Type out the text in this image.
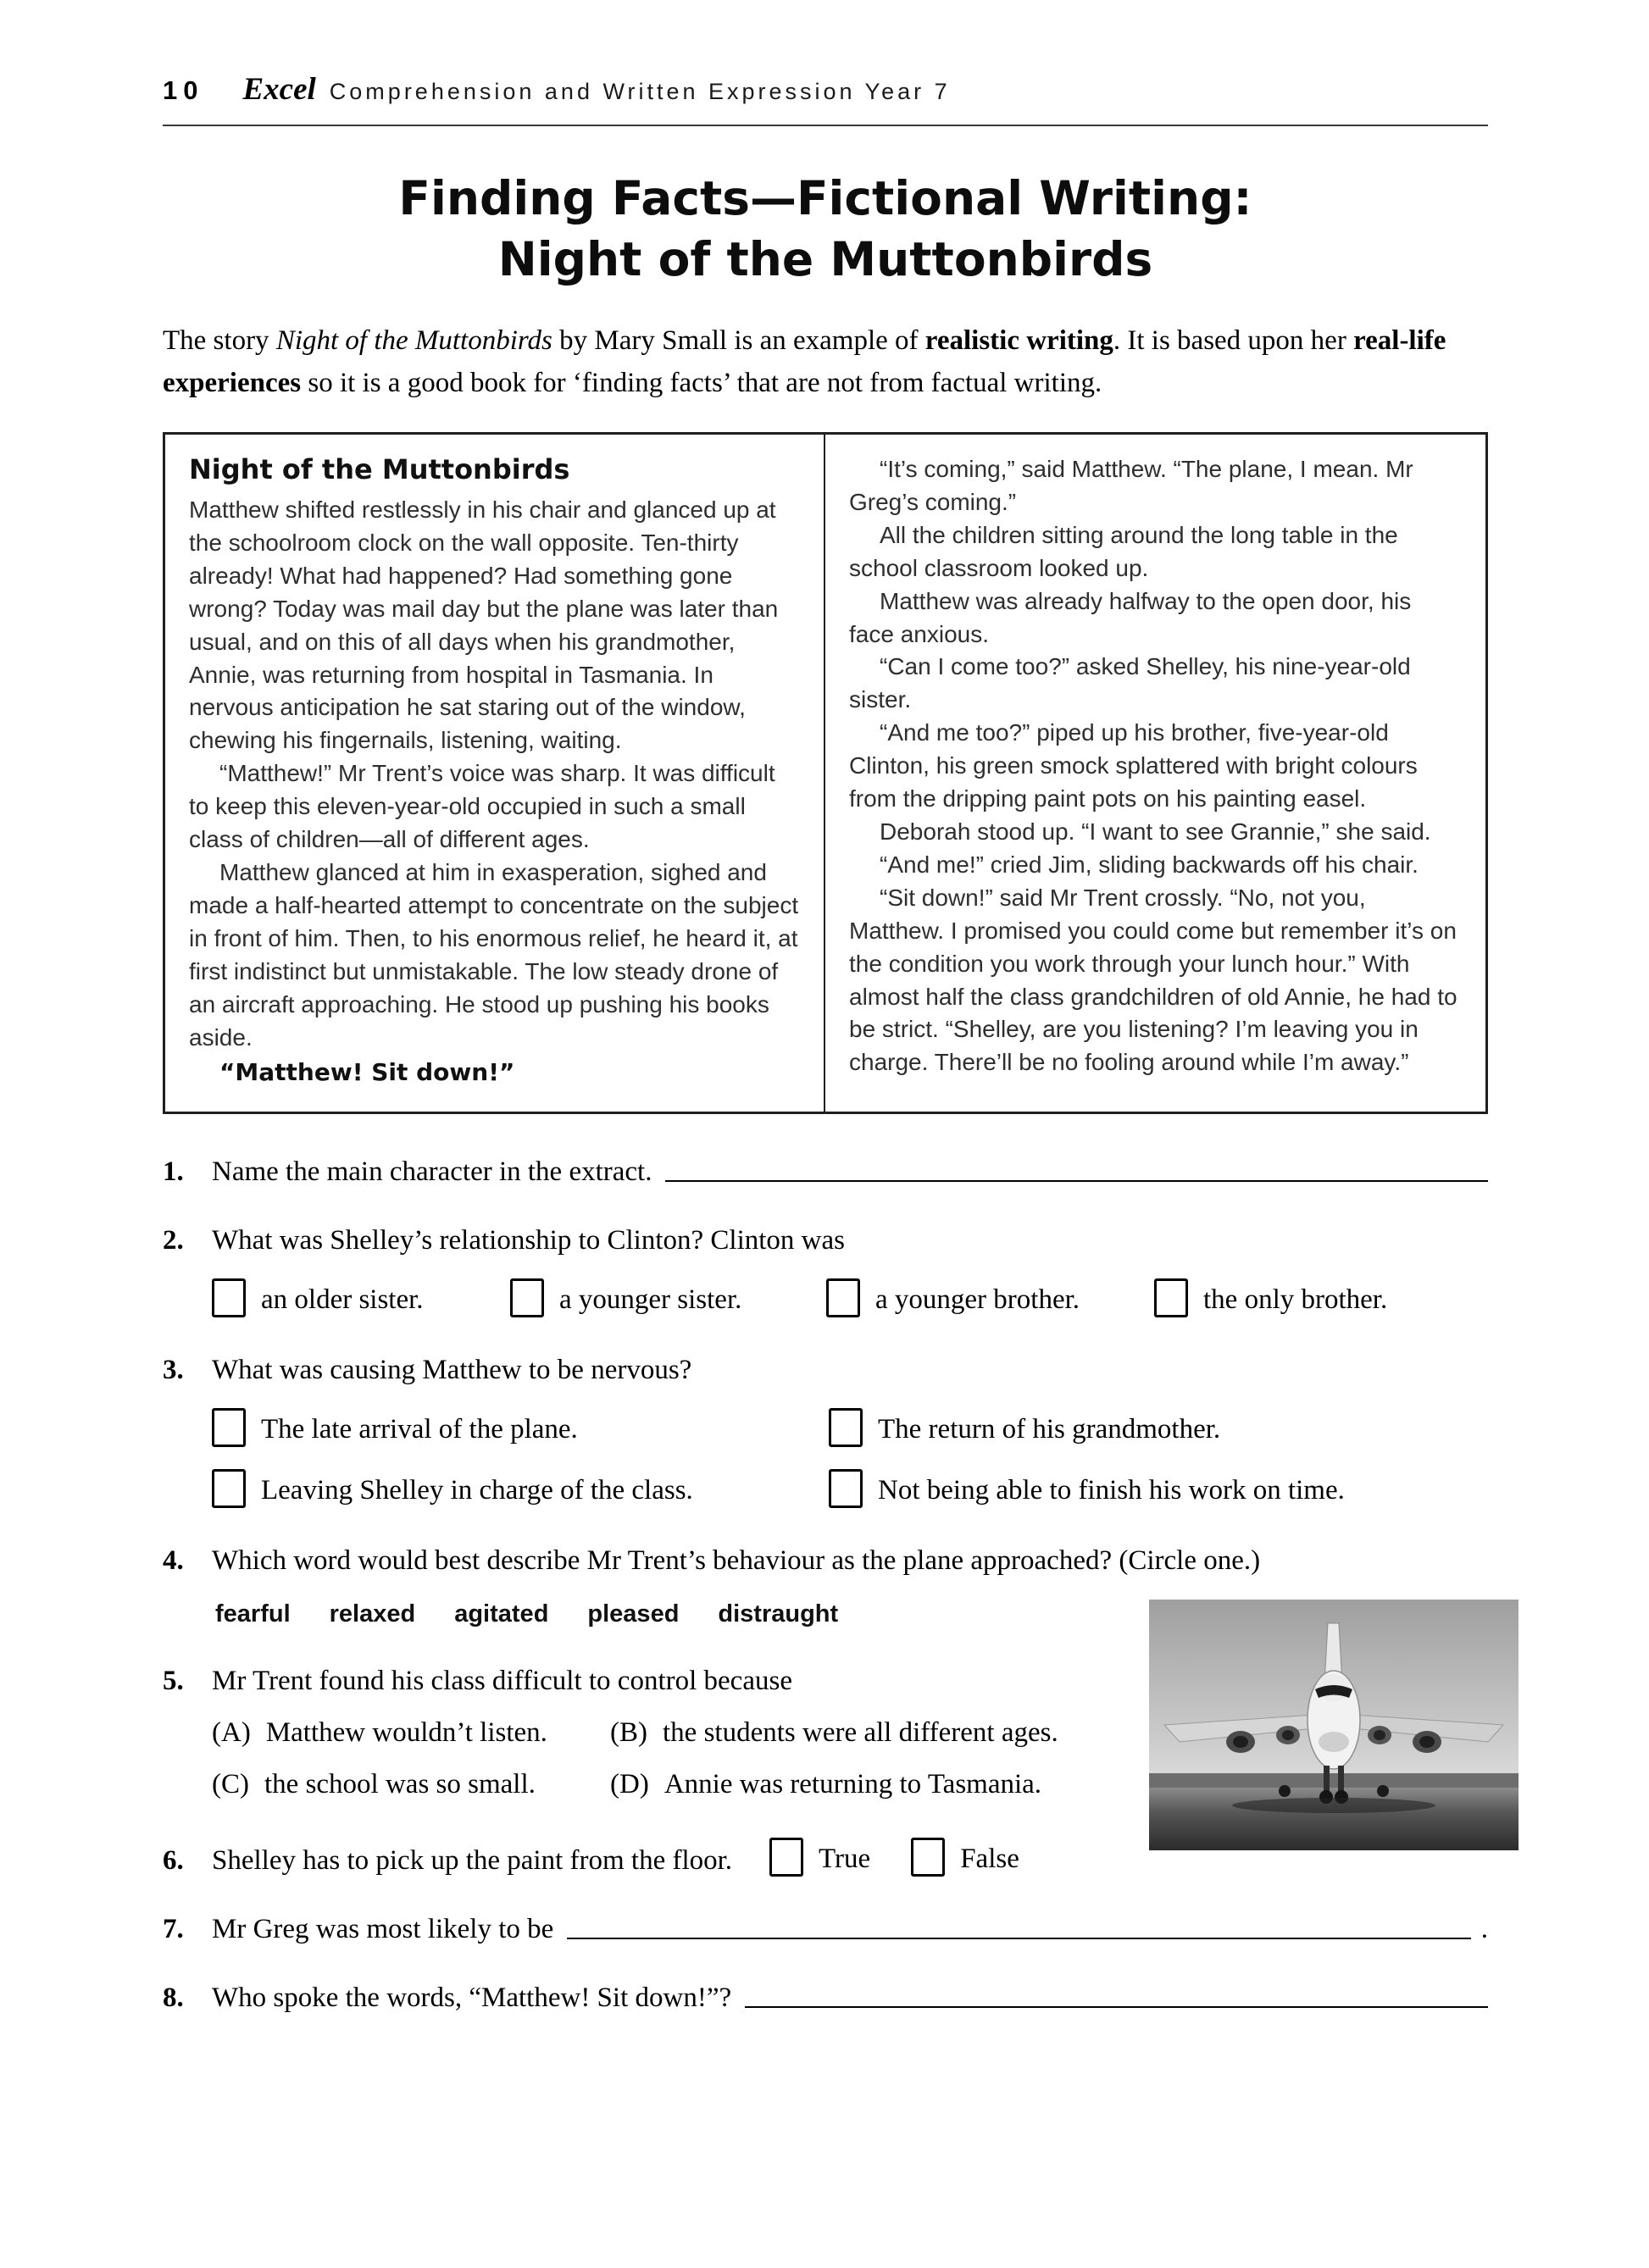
10 Excel Comprehension and Written Expression Year 7
Finding Facts—Fictional Writing:
Night of the Muttonbirds

The story Night of the Muttonbirds by Mary Small is an example of realistic writing. It is based upon her real-life experiences so it is a good book for ‘finding facts’ that are not from factual writing.

Night of the Muttonbirds

Matthew shifted restlessly in his chair and glanced up at the schoolroom clock on the wall opposite. Ten-thirty already! What had happened? Had something gone wrong? Today was mail day but the plane was later than usual, and on this of all days when his grandmother, Annie, was returning from hospital in Tasmania. In nervous anticipation he sat staring out of the window, chewing his fingernails, listening, waiting.

“Matthew!” Mr Trent’s voice was sharp. It was difficult to keep this eleven-year-old occupied in such a small class of children—all of different ages.

Matthew glanced at him in exasperation, sighed and made a half-hearted attempt to concentrate on the subject in front of him. Then, to his enormous relief, he heard it, at first indistinct but unmistakable. The low steady drone of an aircraft approaching. He stood up pushing his books aside.

“Matthew! Sit down!”

“It’s coming,” said Matthew. “The plane, I mean. Mr Greg’s coming.”

All the children sitting around the long table in the school classroom looked up.

Matthew was already halfway to the open door, his face anxious.

“Can I come too?” asked Shelley, his nine-year-old sister.

“And me too?” piped up his brother, five-year-old Clinton, his green smock splattered with bright colours from the dripping paint pots on his painting easel.

Deborah stood up. “I want to see Grannie,” she said.

“And me!” cried Jim, sliding backwards off his chair.

“Sit down!” said Mr Trent crossly. “No, not you, Matthew. I promised you could come but remember it’s on the condition you work through your lunch hour.” With almost half the class grandchildren of old Annie, he had to be strict. “Shelley, are you listening? I’m leaving you in charge. There’ll be no fooling around while I’m away.”

1.	Name the main character in the extract.
2.	What was Shelley’s relationship to Clinton? Clinton was
an older sister.	a younger sister.	a younger brother.	the only brother.
3.	What was causing Matthew to be nervous?
The late arrival of the plane.	The return of his grandmother.
Leaving Shelley in charge of the class.	Not being able to finish his work on time.
4.	Which word would best describe Mr Trent’s behaviour as the plane approached? (Circle one.)
fearful relaxed agitated pleased distraught
5.	Mr Trent found his class difficult to control because
(A) Matthew wouldn’t listen. (B) the students were all different ages.
(C) the school was so small.	(D) Annie was returning to Tasmania.
6.	Shelley has to pick up the paint from the floor.	True	False
7.	Mr Greg was most likely to be	.
8.	Who spoke the words, “Matthew! Sit down!”?
